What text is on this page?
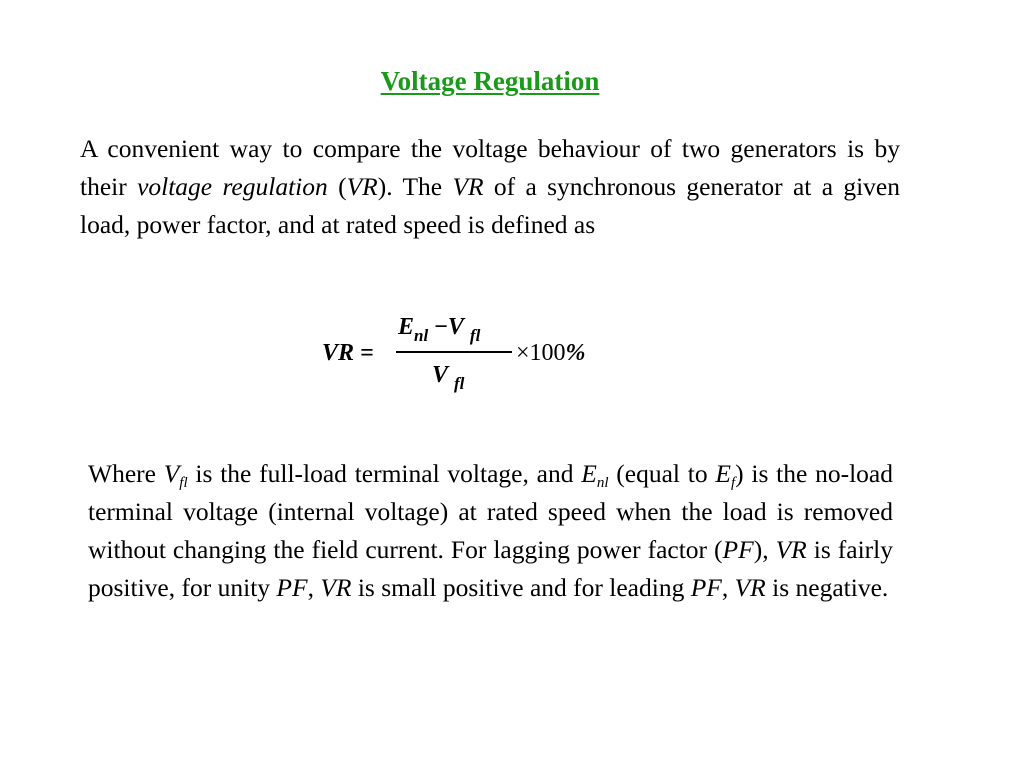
Voltage Regulation

A convenient way to compare the voltage behaviour of two generators is by their voltage regulation (VR). The VR of a synchronous generator at a given load, power factor, and at rated speed is defined as

VR =
$E_{nl} -V$ $_{fl}$
V $_{fl}$
×100%

Where $V_{fl}$ is the full-load terminal voltage, and $E_{nl}$ (equal to $E_f$) is the no-load terminal voltage (internal voltage) at rated speed when the load is removed without changing the field current. For lagging power factor (PF), VR is fairly positive, for unity PF, VR is small positive and for leading PF, VR is negative.
